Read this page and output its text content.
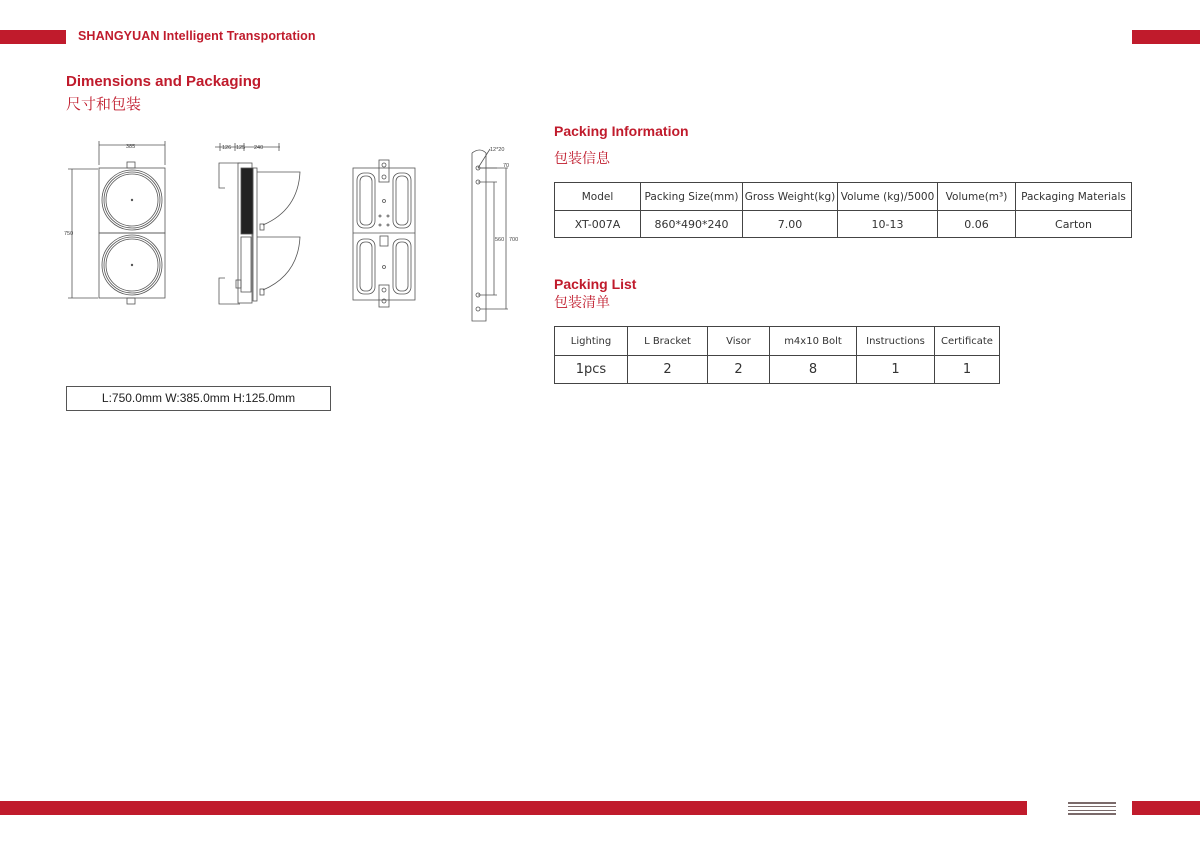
SHANGYUAN Intelligent Transportation
Dimensions and Packaging
尺寸和包装
385
750
126 125 240	12*20
70
560 700
L:750.0mm W:385.0mm H:125.0mm
Packing Information
包装信息
Model	Packing Size(mm)	Gross Weight(kg)	Volume (kg)/5000	Volume(m³)	Packaging Materials
XT-007A	860*490*240	7.00	10-13	0.06	Carton
Packing List
包装清单
Lighting	L Bracket	Visor	m4x10 Bolt	Instructions	Certificate
1pcs	2	2	8	1	1
